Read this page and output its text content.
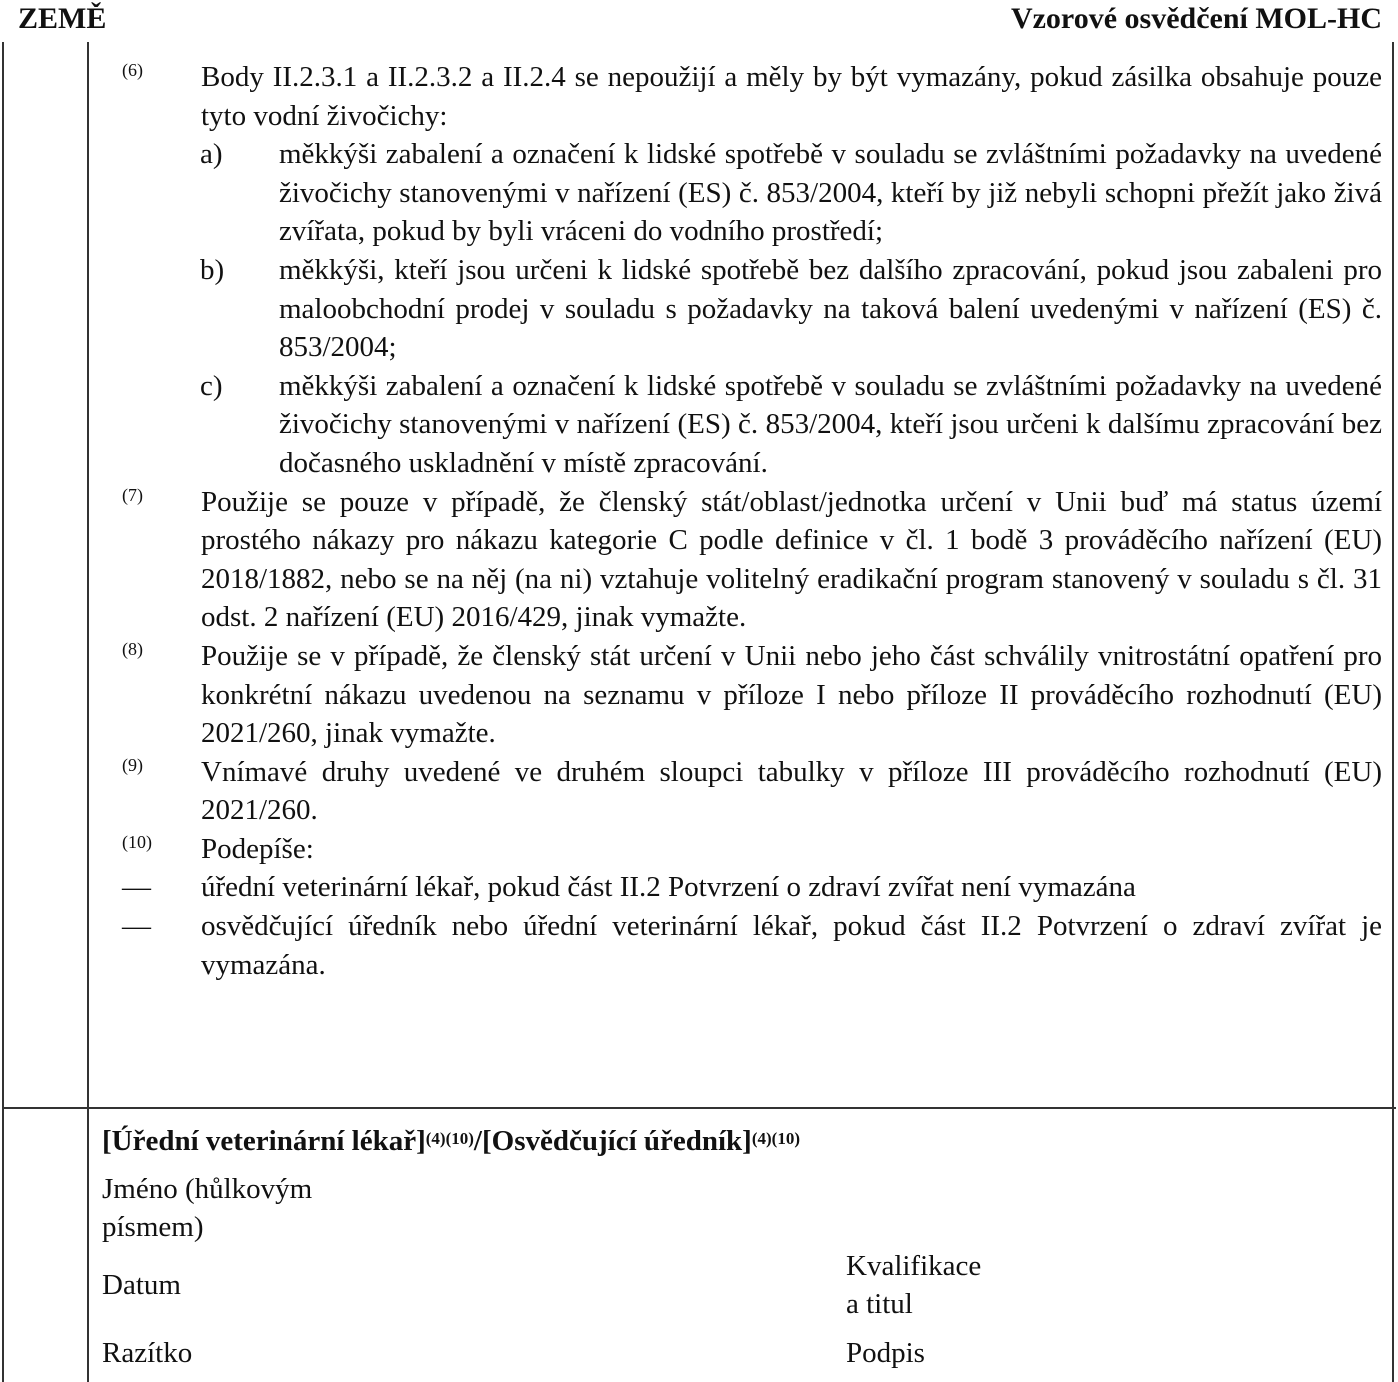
ZEMĚ	Vzorové osvědčení MOL-HC
(6) Body II.2.3.1 a II.2.3.2 a II.2.4 se nepoužijí a měly by být vymazány, pokud zásilka obsahuje pouze tyto vodní živočichy:
a) měkkýši zabalení a označení k lidské spotřebě v souladu se zvláštními požadavky na uvedené živočichy stanovenými v nařízení (ES) č. 853/2004, kteří by již nebyli schopni přežít jako živá zvířata, pokud by byli vráceni do vodního prostředí;
b) měkkýši, kteří jsou určeni k lidské spotřebě bez dalšího zpracování, pokud jsou zabaleni pro maloobchodní prodej v souladu s požadavky na taková balení uvedenými v nařízení (ES) č. 853/2004;
c) měkkýši zabalení a označení k lidské spotřebě v souladu se zvláštními požadavky na uvedené živočichy stanovenými v nařízení (ES) č. 853/2004, kteří jsou určeni k dalšímu zpracování bez dočasného uskladnění v místě zpracování.
(7) Použije se pouze v případě, že členský stát/oblast/jednotka určení v Unii buď má status území prostého nákazy pro nákazu kategorie C podle definice v čl. 1 bodě 3 prováděcího nařízení (EU) 2018/1882, nebo se na něj (na ni) vztahuje volitelný eradikační program stanovený v souladu s čl. 31 odst. 2 nařízení (EU) 2016/429, jinak vymažte.
(8) Použije se v případě, že členský stát určení v Unii nebo jeho část schválily vnitrostátní opatření pro konkrétní nákazu uvedenou na seznamu v příloze I nebo příloze II prováděcího rozhodnutí (EU) 2021/260, jinak vymažte.
(9) Vnímavé druhy uvedené ve druhém sloupci tabulky v příloze III prováděcího rozhodnutí (EU) 2021/260.
(10) Podepíše:
— úřední veterinární lékař, pokud část II.2 Potvrzení o zdraví zvířat není vymazána
— osvědčující úředník nebo úřední veterinární lékař, pokud část II.2 Potvrzení o zdraví zvířat je vymazána.
[Úřední veterinární lékař]$^{(4)(10)}$/[Osvědčující úředník]$^{(4)(10)}$
Jméno (hůlkovým
písmem)
Datum
Kvalifikace
a titul
Razítko	Podpis
